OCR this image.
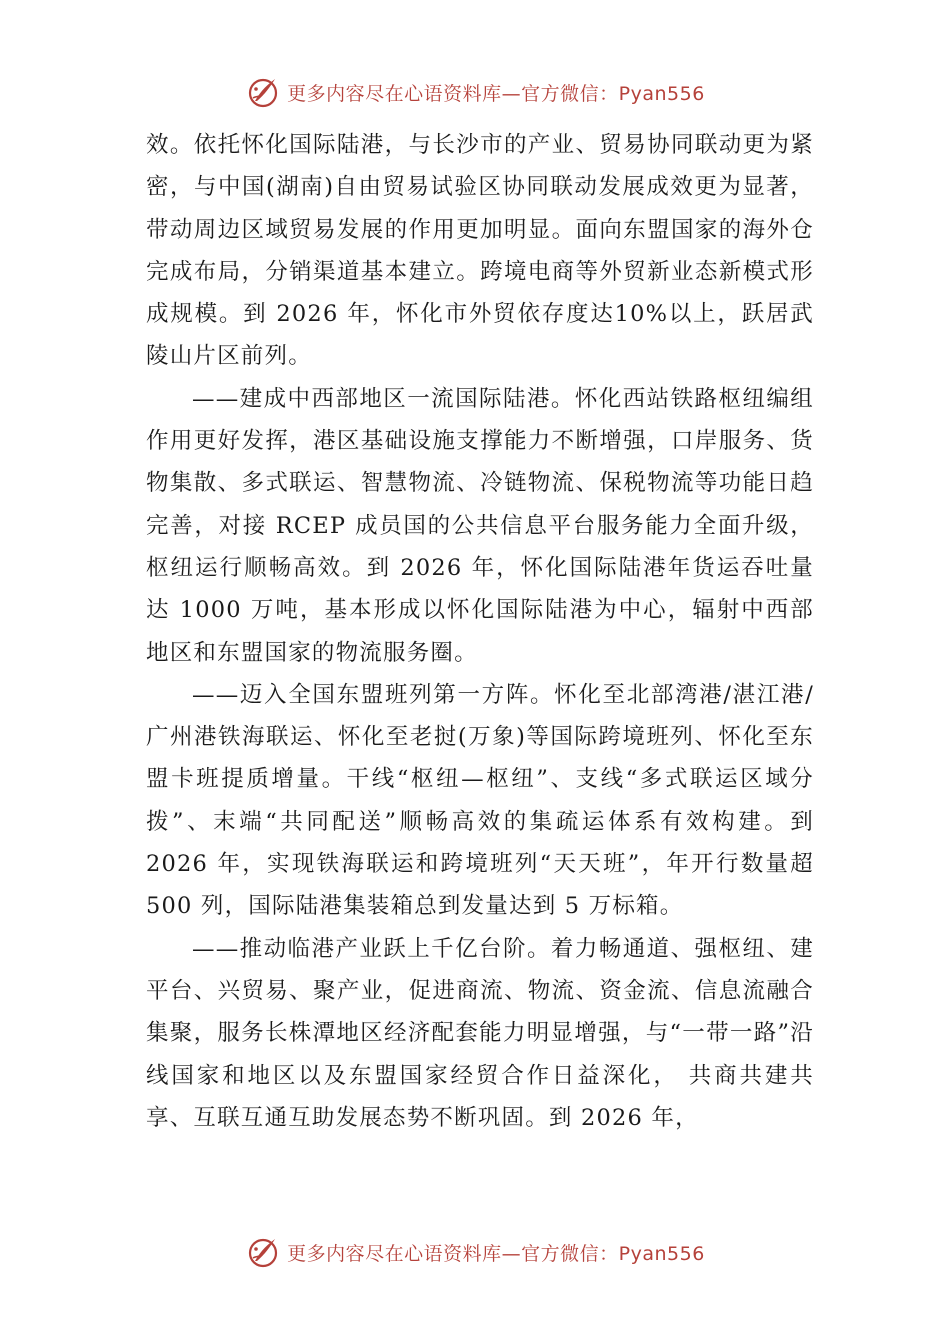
更多内容尽在心语资料库—官方微信：Pyan556

效。依托怀化国际陆港，与长沙市的产业、贸易协同联动更为紧密，与中国(湖南)自由贸易试验区协同联动发展成效更为显著，带动周边区域贸易发展的作用更加明显。面向东盟国家的海外仓完成布局，分销渠道基本建立。跨境电商等外贸新业态新模式形成规模。到 2026 年，怀化市外贸依存度达10%以上，跃居武陵山片区前列。

——建成中西部地区一流国际陆港。怀化西站铁路枢纽编组作用更好发挥，港区基础设施支撑能力不断增强，口岸服务、货物集散、多式联运、智慧物流、冷链物流、保税物流等功能日趋完善，对接 RCEP 成员国的公共信息平台服务能力全面升级，枢纽运行顺畅高效。到 2026 年，怀化国际陆港年货运吞吐量达 1000 万吨，基本形成以怀化国际陆港为中心，辐射中西部地区和东盟国家的物流服务圈。

——迈入全国东盟班列第一方阵。怀化至北部湾港/湛江港/广州港铁海联运、怀化至老挝(万象)等国际跨境班列、怀化至东盟卡班提质增量。干线“枢纽—枢纽”、支线“多式联运区域分拨”、末端“共同配送”顺畅高效的集疏运体系有效构建。到 2026 年，实现铁海联运和跨境班列“天天班”，年开行数量超 500 列，国际陆港集装箱总到发量达到 5 万标箱。

——推动临港产业跃上千亿台阶。着力畅通道、强枢纽、建平台、兴贸易、聚产业，促进商流、物流、资金流、信息流融合集聚，服务长株潭地区经济配套能力明显增强，与“一带一路”沿线国家和地区以及东盟国家经贸合作日益深化， 共商共建共享、互联互通互助发展态势不断巩固。到 2026 年，

更多内容尽在心语资料库—官方微信：Pyan556
